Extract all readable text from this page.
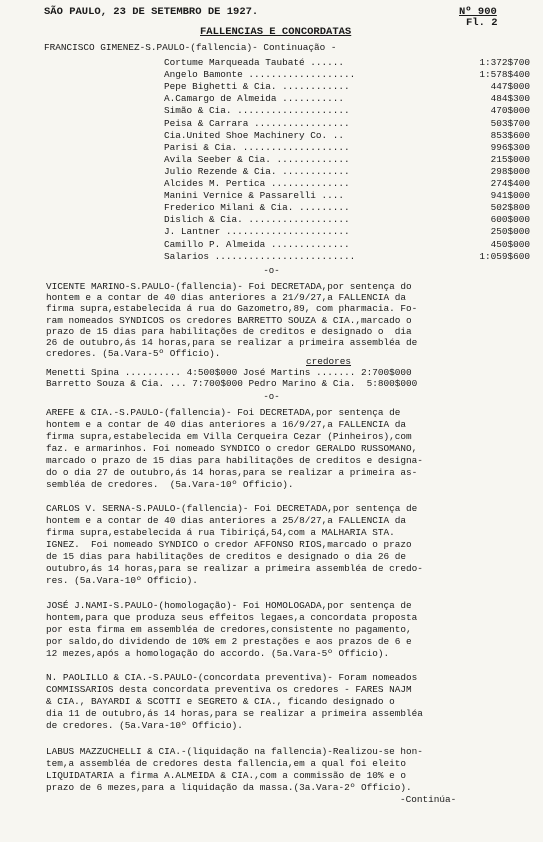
SÃO PAULO, 23 DE SETEMBRO DE 1927.	Nº 900
Fl. 2
FALLENCIAS E CONCORDATAS
FRANCISCO GIMENEZ-S.PAULO-(fallencia)- Continuação -
Cortume Marqueada Taubaté ......	1:372$700
Angelo Bamonte ...................	1:578$400
Pepe Bighetti & Cia. ............	447$000
A.Camargo de Almeida ...........	484$300
Simão & Cia. ....................	470$000
Peisa & Carrara .................	503$700
Cia.United Shoe Machinery Co. ..	853$600
Parisi & Cia. ...................	996$300
Avila Seeber & Cia. .............	215$000
Julio Rezende & Cia. ............	298$000
Alcides M. Pertica ..............	274$400
Manini Vernice & Passarelli ....	941$000
Frederico Milani & Cia. .........	502$800
Dislich & Cia. ..................	600$000
J. Lantner ......................	250$000
Camillo P. Almeida ..............	450$000
Salarios .........................	1:059$600
-o-
VICENTE MARINO-S.PAULO-(fallencia)- Foi DECRETADA,por sentença do
hontem e a contar de 40 dias anteriores a 21/9/27,a FALLENCIA da
firma supra,estabelecida á rua do Gazometro,89, com pharmacia. Fo-
ram nomeados SYNDICOS os credores BARRETTO SOUZA & CIA.,marcado o
prazo de 15 dias para habilitações de creditos e designado o  dia
26 de outubro,ás 14 horas,para se realizar a primeira assembléa de
credores. (5a.Vara-5º Officio).
credores
Menetti Spina .......... 4:500$000 José Martins ....... 2:700$000
Barretto Souza & Cia. ... 7:700$000 Pedro Marino & Cia.  5:800$000
-o-
AREFE & CIA.-S.PAULO-(fallencia)- Foi DECRETADA,por sentença de
hontem e a contar de 40 dias anteriores a 16/9/27,a FALLENCIA da
firma supra,estabelecida em Villa Cerqueira Cezar (Pinheiros),com
faz. e armarinhos. Foi nomeado SYNDICO o credor GERALDO RUSSOMANO,
marcado o prazo de 15 dias para habilitações de creditos e designa-
do o dia 27 de outubro,ás 14 horas,para se realizar a primeira as-
sembléa de credores.  (5a.Vara-10º Officio).
CARLOS V. SERNA-S.PAULO-(fallencia)- Foi DECRETADA,por sentença de
hontem e a contar de 40 dias anteriores a 25/8/27,a FALLENCIA da
firma supra,estabelecida á rua Tibiriçá,54,com a MALHARIA STA.
IGNEZ.  Foi nomeado SYNDICO o credor AFFONSO RIOS,marcado o prazo
de 15 dias para habilitações de creditos e designado o dia 26 de
outubro,ás 14 horas,para se realizar a primeira assembléa de credo-
res. (5a.Vara-10º Officio).
JOSÉ J.NAMI-S.PAULO-(homologação)- Foi HOMOLOGADA,por sentença de
hontem,para que produza seus effeitos legaes,a concordata proposta
por esta firma em assembléa de credores,consistente no pagamento,
por saldo,do dividendo de 10% em 2 prestações e aos prazos de 6 e
12 mezes,após a homologação do accordo. (5a.Vara-5º Officio).
N. PAOLILLO & CIA.-S.PAULO-(concordata preventiva)- Foram nomeados
COMMISSARIOS desta concordata preventiva os credores - FARES NAJM
& CIA., BAYARDI & SCOTTI e SEGRETO & CIA., ficando designado o
dia 11 de outubro,ás 14 horas,para se realizar a primeira assembléa
de credores. (5a.Vara-10º Officio).
LABUS MAZZUCHELLI & CIA.-(liquidação na fallencia)-Realizou-se hon-
tem,a assembléa de credores desta fallencia,em a qual foi eleito
LIQUIDATARIA a firma A.ALMEIDA & CIA.,com a commissão de 10% e o
prazo de 6 mezes,para a liquidação da massa.(3a.Vara-2º Officio).
-Continúa-
